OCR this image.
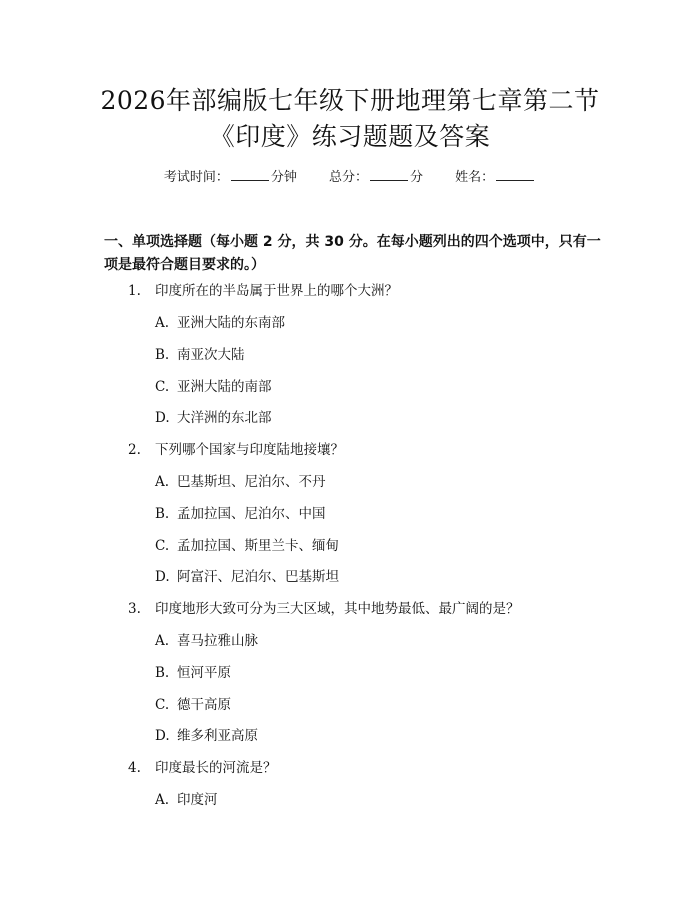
2026年部编版七年级下册地理第七章第二节
《印度》练习题题及答案
考试时间：	分钟 总分：	分 姓名：
一、单项选择题（每小题 2 分，共 30 分。在每小题列出的四个选项中，只有一项是最符合题目要求的。）
1. 印度所在的半岛属于世界上的哪个大洲？
A. 亚洲大陆的东南部
B. 南亚次大陆
C. 亚洲大陆的南部
D. 大洋洲的东北部
2. 下列哪个国家与印度陆地接壤？
A. 巴基斯坦、尼泊尔、不丹
B. 孟加拉国、尼泊尔、中国
C. 孟加拉国、斯里兰卡、缅甸
D. 阿富汗、尼泊尔、巴基斯坦
3. 印度地形大致可分为三大区域，其中地势最低、最广阔的是？
A. 喜马拉雅山脉
B. 恒河平原
C. 德干高原
D. 维多利亚高原
4. 印度最长的河流是？
A. 印度河
